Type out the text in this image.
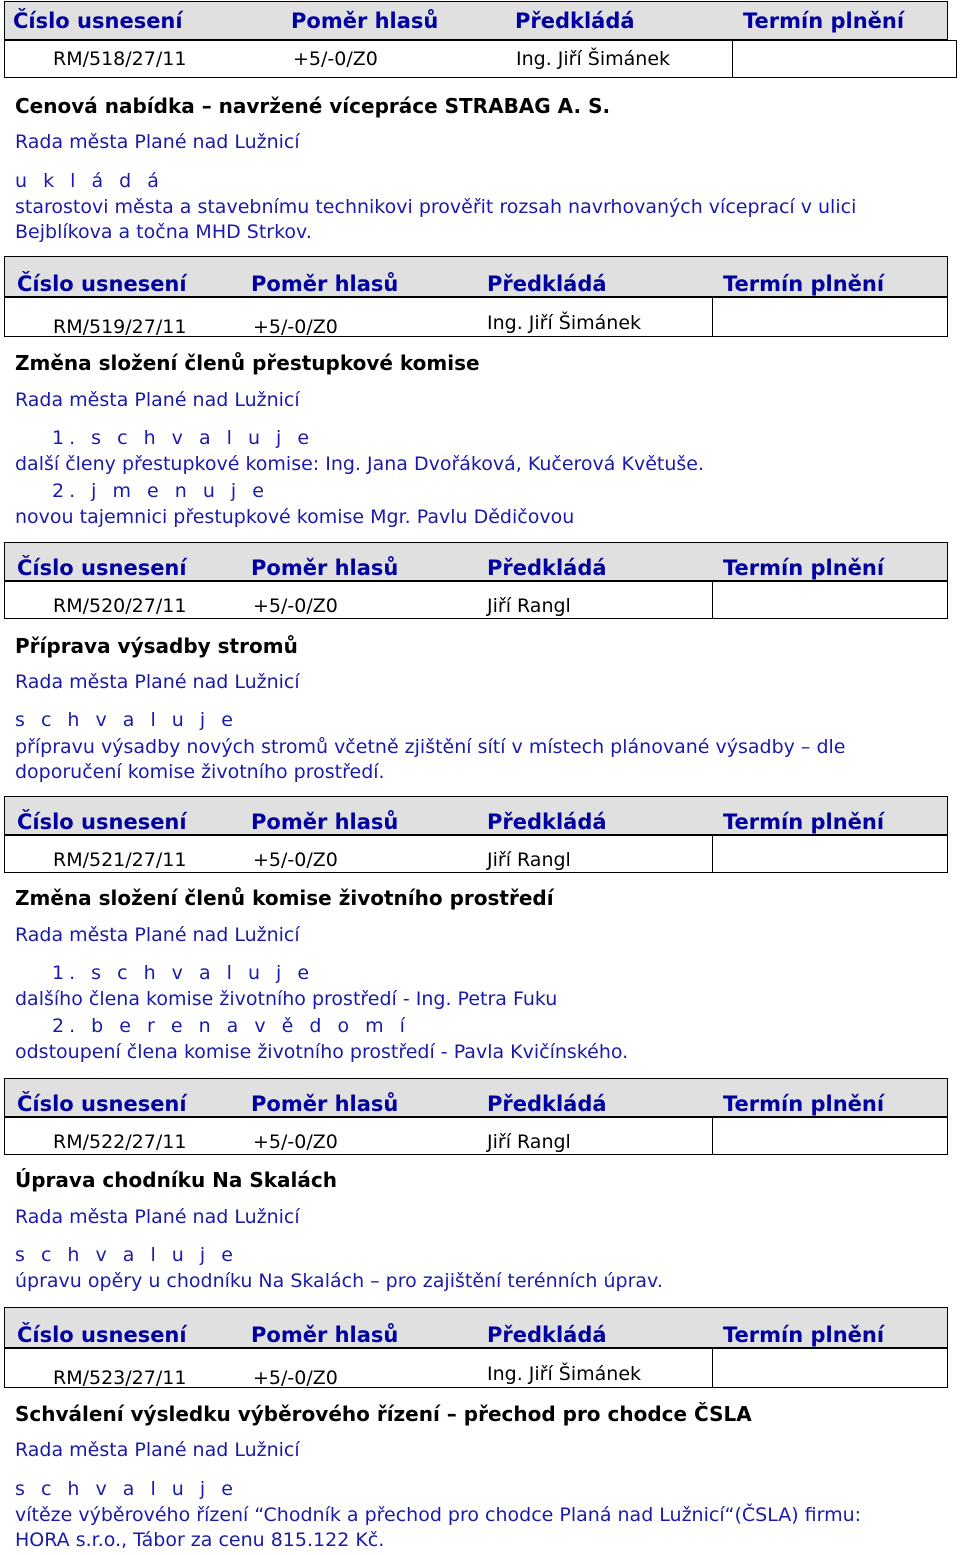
Číslo usnesení	Poměr hlasů	Předkládá	Termín plnění
RM/518/27/11	+5/-0/Z0	Ing. Jiří Šimánek
Cenová nabídka – navržené vícepráce STRABAG A. S.
Rada města Plané nad Lužnicí
u k l á d á
starostovi města a stavebnímu technikovi prověřit rozsah navrhovaných víceprací v ulici
Bejblíkova a točna MHD Strkov.
Číslo usnesení	Poměr hlasů	Předkládá	Termín plnění
RM/519/27/11	+5/-0/Z0	Ing. Jiří Šimánek
Změna složení členů přestupkové komise
Rada města Plané nad Lužnicí
1. s c h v a l u j e
další členy přestupkové komise: Ing. Jana Dvořáková, Kučerová Květuše.
2. j m e n u j e
novou tajemnici přestupkové komise Mgr. Pavlu Dědičovou
Číslo usnesení	Poměr hlasů	Předkládá	Termín plnění
RM/520/27/11	+5/-0/Z0	Jiří Rangl
Příprava výsadby stromů
Rada města Plané nad Lužnicí
s c h v a l u j e
přípravu výsadby nových stromů včetně zjištění sítí v místech plánované výsadby – dle
doporučení komise životního prostředí.
Číslo usnesení	Poměr hlasů	Předkládá	Termín plnění
RM/521/27/11	+5/-0/Z0	Jiří Rangl
Změna složení členů komise životního prostředí
Rada města Plané nad Lužnicí
1. s c h v a l u j e
dalšího člena komise životního prostředí - Ing. Petra Fuku
2. b e r e n a v ě d o m í
odstoupení člena komise životního prostředí - Pavla Kvičínského.
Číslo usnesení	Poměr hlasů	Předkládá	Termín plnění
RM/522/27/11	+5/-0/Z0	Jiří Rangl
Úprava chodníku Na Skalách
Rada města Plané nad Lužnicí
s c h v a l u j e
úpravu opěry u chodníku Na Skalách – pro zajištění terénních úprav.
Číslo usnesení	Poměr hlasů	Předkládá	Termín plnění
RM/523/27/11	+5/-0/Z0	Ing. Jiří Šimánek
Schválení výsledku výběrového řízení – přechod pro chodce ČSLA
Rada města Plané nad Lužnicí
s c h v a l u j e
vítěze výběrového řízení “Chodník a přechod pro chodce Planá nad Lužnicí“(ČSLA) firmu:
HORA s.r.o., Tábor za cenu 815.122 Kč.
